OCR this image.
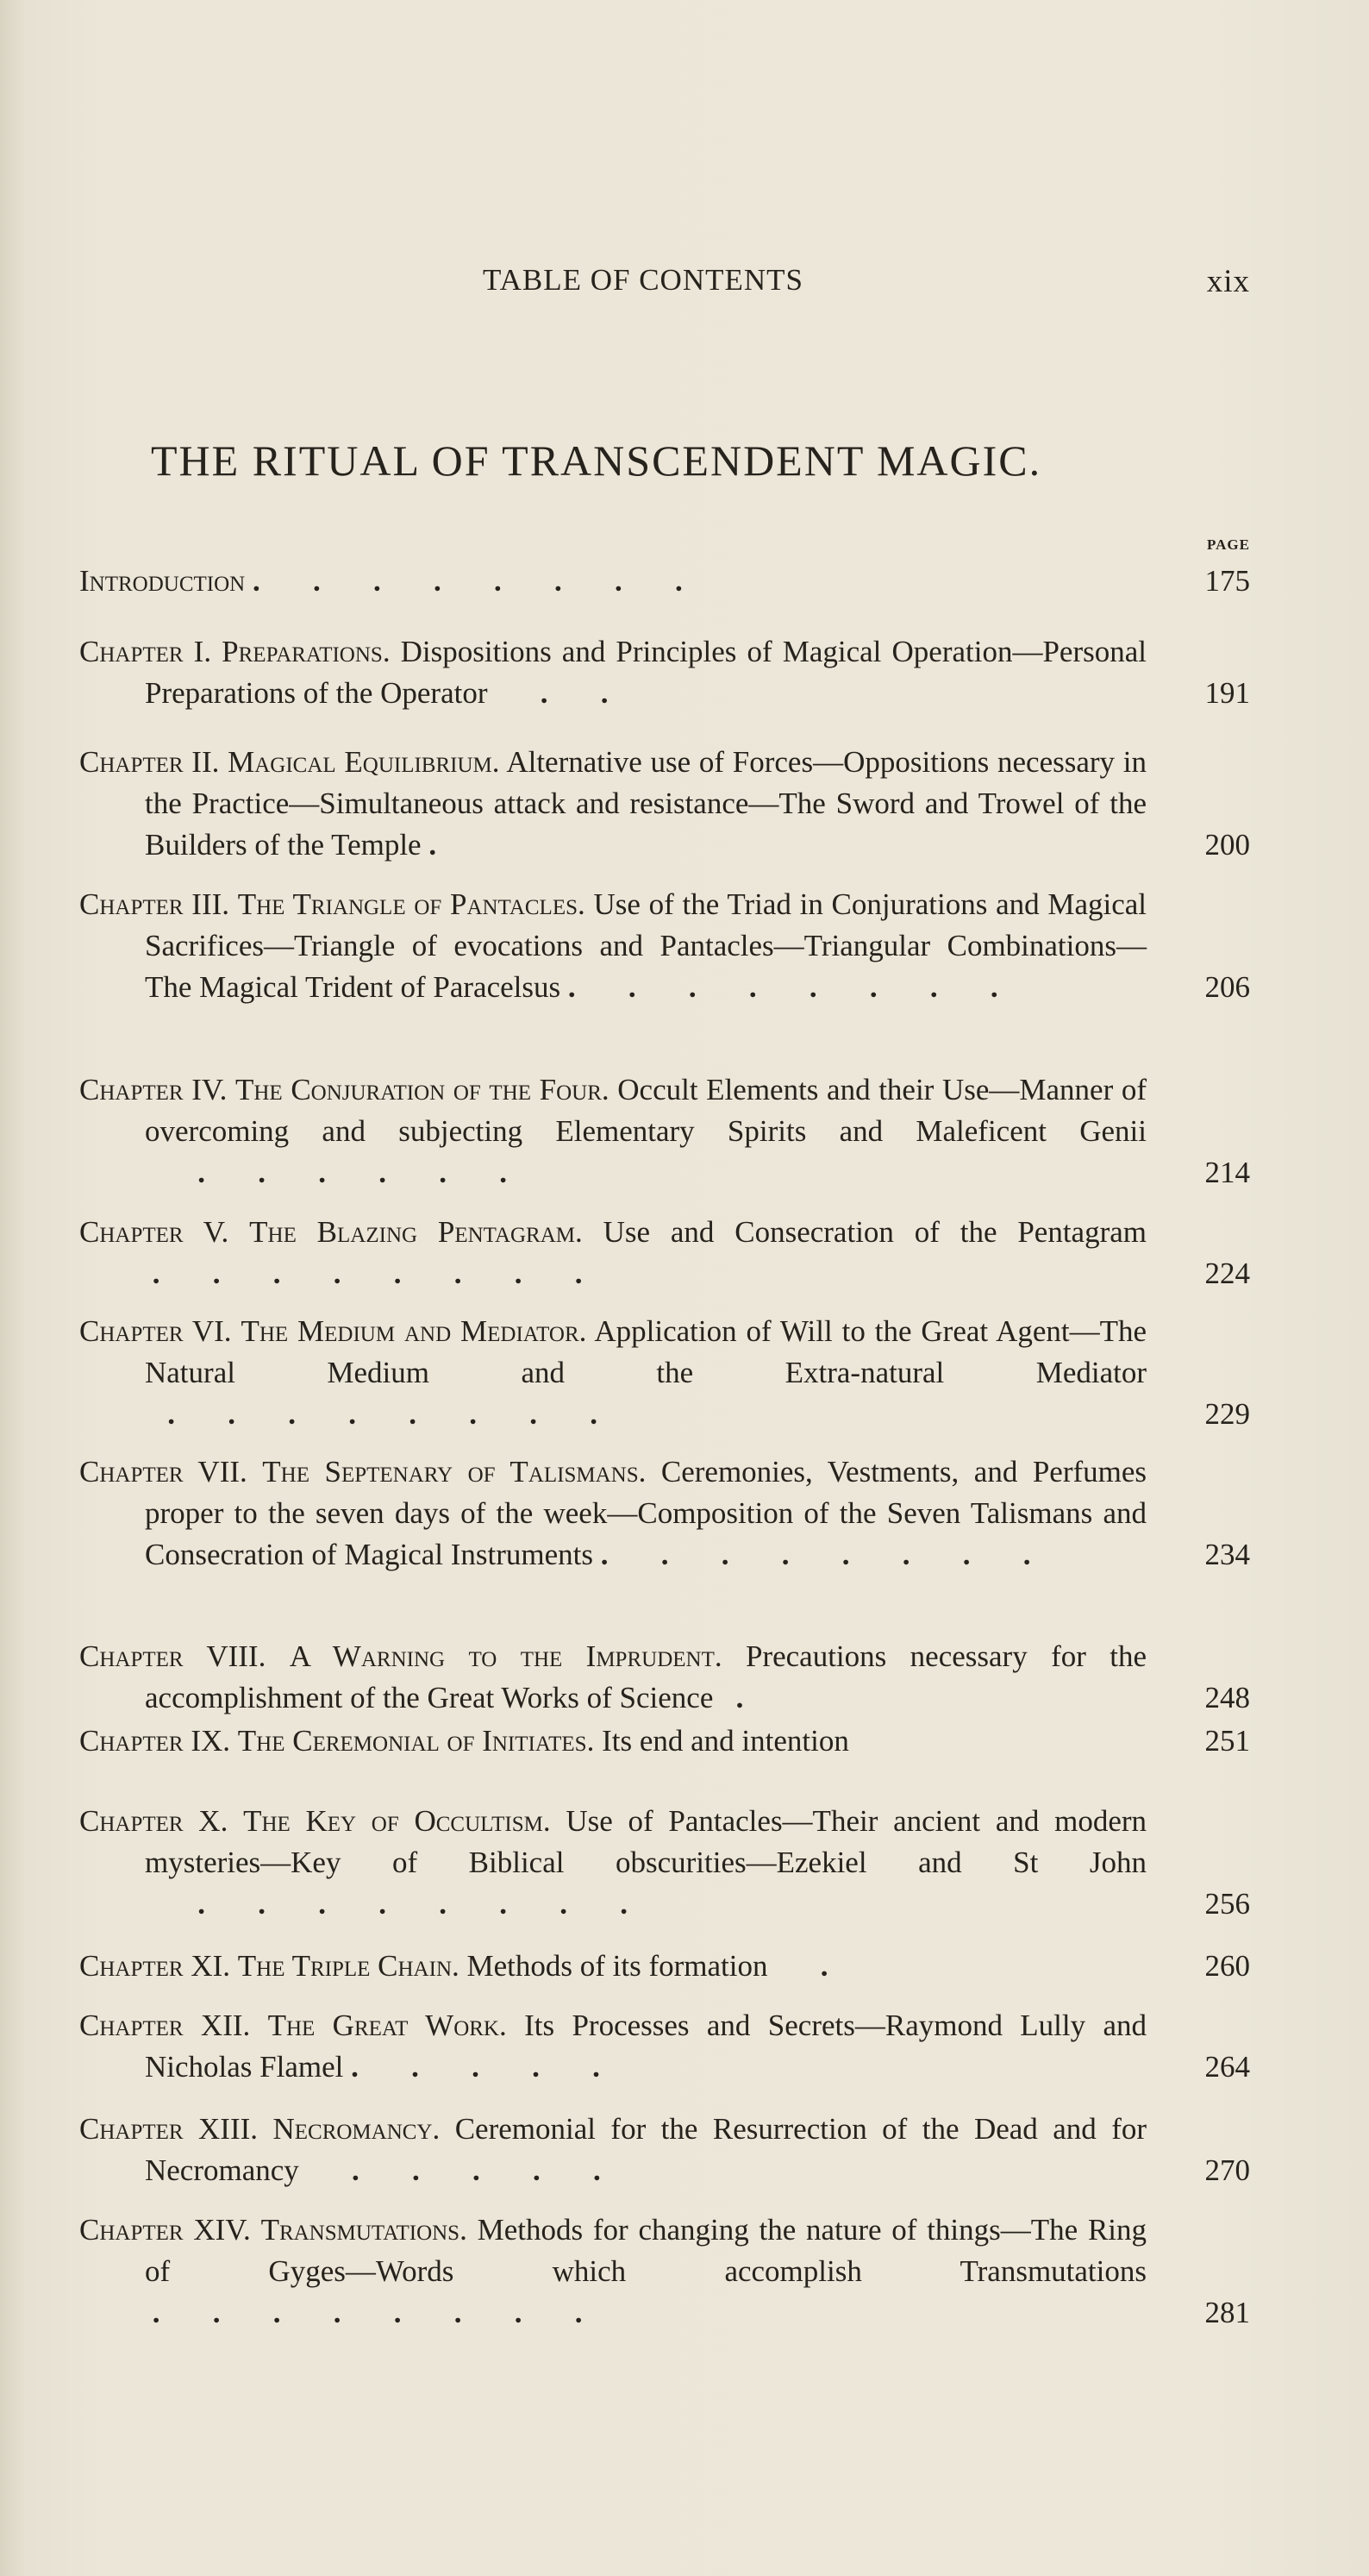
TABLE OF CONTENTS	xix
THE RITUAL OF TRANSCENDENT MAGIC.
PAGE
Introduction .       .       .       .       .       .       .       .	175
Chapter I. Preparations. Dispositions and Principles of Magical Operation—Personal Preparations of the Operator       .       .	191
Chapter II. Magical Equilibrium. Alternative use of Forces—Oppositions necessary in the Practice—Simultaneous attack and resistance—The Sword and Trowel of the Builders of the Temple .	200
Chapter III. The Triangle of Pantacles. Use of the Triad in Conjurations and Magical Sacrifices—Triangle of evocations and Pantacles—Triangular Combinations—The Magical Trident of Paracelsus .       .       .       .       .       .       .       .	206
Chapter IV. The Conjuration of the Four. Occult Elements and their Use—Manner of overcoming and subjecting Elementary Spirits and Maleficent Genii       .       .       .       .       .       .	214
Chapter V. The Blazing Pentagram. Use and Consecration of the Pentagram .       .       .       .       .       .       .       .	224
Chapter VI. The Medium and Mediator. Application of Will to the Great Agent—The Natural Medium and the Extra-natural Mediator   .       .       .       .       .       .       .       .	229
Chapter VII. The Septenary of Talismans. Ceremonies, Vestments, and Perfumes proper to the seven days of the week—Composition of the Seven Talismans and Consecration of Magical Instruments .       .       .       .       .       .       .       .	234
Chapter VIII. A Warning to the Imprudent. Precautions necessary for the accomplishment of the Great Works of Science   .	248
Chapter IX. The Ceremonial of Initiates. Its end and intention	251
Chapter X. The Key of Occultism. Use of Pantacles—Their ancient and modern mysteries—Key of Biblical obscurities—Ezekiel and St John       .       .       .       .       .       .       .       .	256
Chapter XI. The Triple Chain. Methods of its formation       .	260
Chapter XII. The Great Work. Its Processes and Secrets—Raymond Lully and Nicholas Flamel .       .       .       .       .	264
Chapter XIII. Necromancy. Ceremonial for the Resurrection of the Dead and for Necromancy       .       .       .       .       .	270
Chapter XIV. Transmutations. Methods for changing the nature of things—The Ring of Gyges—Words which accomplish Transmutations .       .       .       .       .       .       .       .	281
